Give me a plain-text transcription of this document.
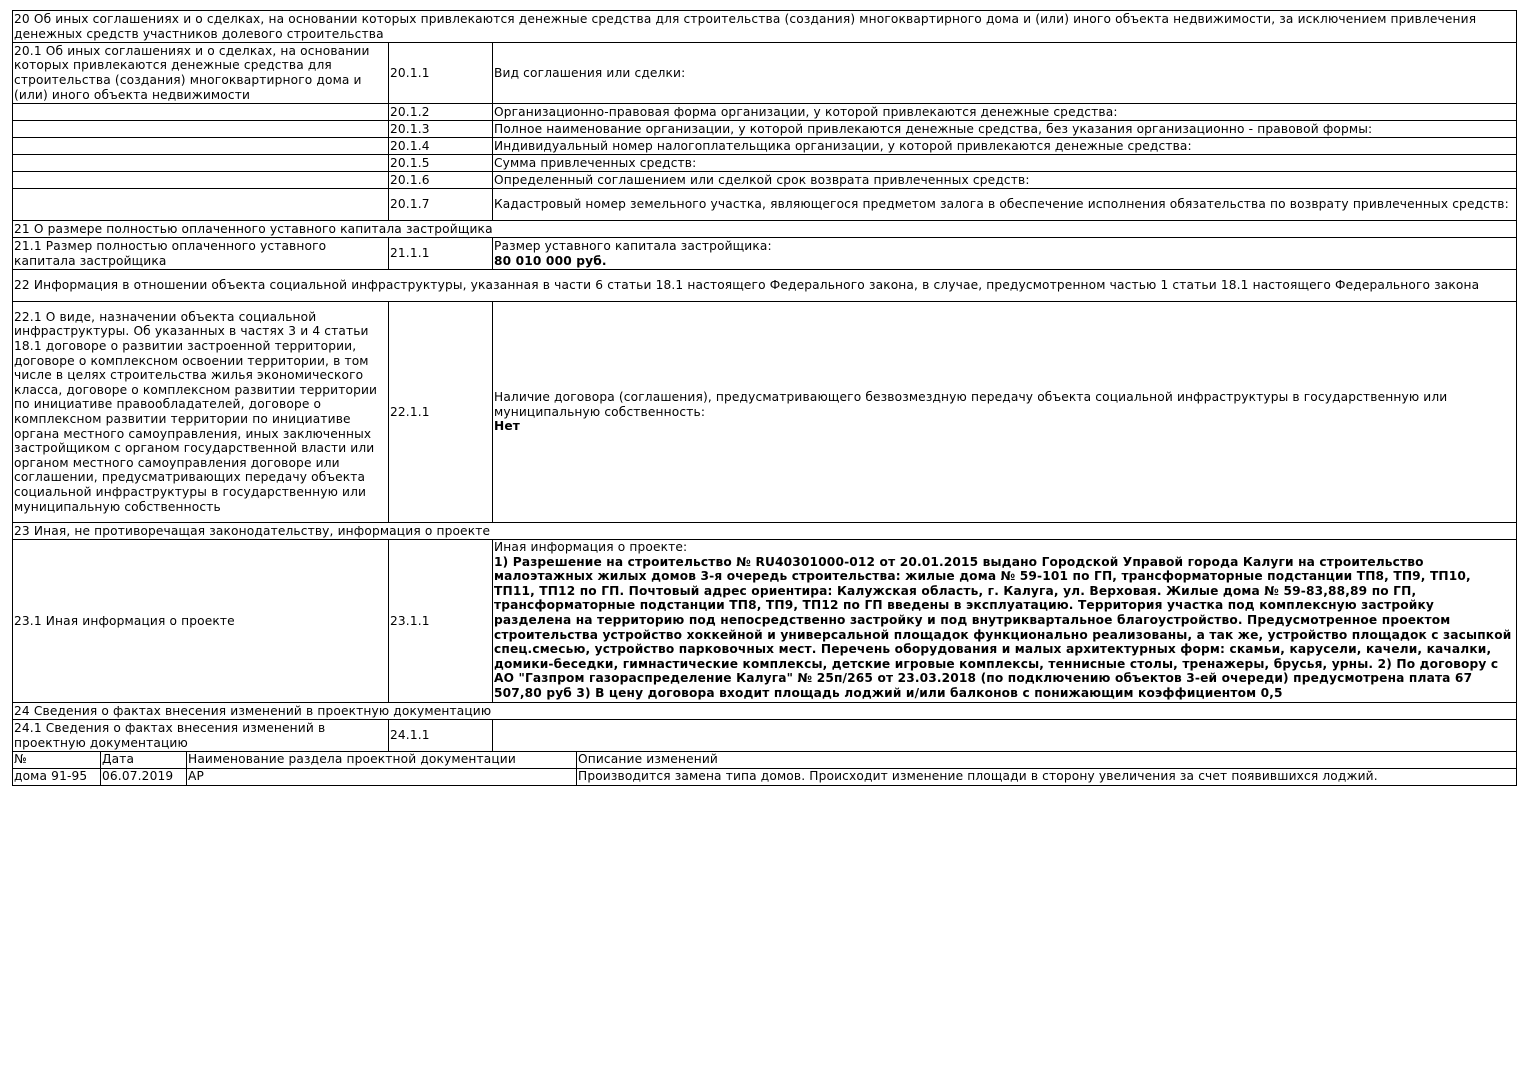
20 Об иных соглашениях и о сделках, на основании которых привлекаются денежные средства для строительства (создания) многоквартирного дома и (или) иного объекта недвижимости, за исключением привлечения денежных средств участников долевого строительства		
20.1 Об иных соглашениях и о сделках, на основании которых привлекаются денежные средства для строительства (создания) многоквартирного дома и (или) иного объекта недвижимости	20.1.1	Вид соглашения или сделки:
	20.1.2	Организационно-правовая форма организации, у которой привлекаются денежные средства:
	20.1.3	Полное наименование организации, у которой привлекаются денежные средства, без указания организационно - правовой формы:
	20.1.4	Индивидуальный номер налогоплательщика организации, у которой привлекаются денежные средства:
	20.1.5	Сумма привлеченных средств:
	20.1.6	Определенный соглашением или сделкой срок возврата привлеченных средств:
	20.1.7	Кадастровый номер земельного участка, являющегося предметом залога в обеспечение исполнения обязательства по возврату привлеченных средств:
21 О размере полностью оплаченного уставного капитала застройщика		
21.1 Размер полностью оплаченного уставного капитала застройщика	21.1.1	Размер уставного капитала застройщика:
80 010 000 руб.

22 Информация в отношении объекта социальной инфраструктуры, указанная в части 6 статьи 18.1 настоящего Федерального закона, в случае, предусмотренном частью 1 статьи 18.1 настоящего Федерального закона		
22.1 О виде, назначении объекта социальной инфраструктуры. Об указанных в частях 3 и 4 статьи 18.1 договоре о развитии застроенной территории, договоре о комплексном освоении территории, в том числе в целях строительства жилья экономического класса, договоре о комплексном развитии территории по инициативе правообладателей, договоре о комплексном развитии территории по инициативе органа местного самоуправления, иных заключенных застройщиком с органом государственной власти или органом местного самоуправления договоре или соглашении, предусматривающих передачу объекта социальной инфраструктуры в государственную или муниципальную собственность	22.1.1	Наличие договора (соглашения), предусматривающего безвозмездную передачу объекта социальной инфраструктуры в государственную или муниципальную собственность:
Нет

23 Иная, не противоречащая законодательству, информация о проекте		
23.1 Иная информация о проекте	23.1.1	Иная информация о проекте:
1) Разрешение на строительство № RU40301000-012 от 20.01.2015 выдано Городской Управой города Калуги на строительство малоэтажных жилых домов 3-я очередь строительства: жилые дома № 59-101 по ГП, трансформаторные подстанции ТП8, ТП9, ТП10, ТП11, ТП12 по ГП. Почтовый адрес ориентира: Калужская область, г. Калуга, ул. Верховая. Жилые дома № 59-83,88,89 по ГП, трансформаторные подстанции ТП8, ТП9, ТП12 по ГП введены в эксплуатацию. Территория участка под комплексную застройку разделена на территорию под непосредственно застройку и под внутриквартальное благоустройство. Предусмотренное проектом строительства устройство хоккейной и универсальной площадок функционально реализованы, а так же, устройство площадок с засыпкой спец.смесью, устройство парковочных мест. Перечень оборудования и малых архитектурных форм: скамьи, карусели, качели, качалки, домики-беседки, гимнастические комплексы, детские игровые комплексы, теннисные столы, тренажеры, брусья, урны. 2) По договору с АО "Газпром газораспределение Калуга" № 25п/265 от 23.03.2018 (по подключению объектов 3-ей очереди) предусмотрена плата 67 507,80 руб 3) В цену договора входит площадь лоджий и/или балконов с понижающим коэффициентом 0,5

24 Сведения о фактах внесения изменений в проектную документацию		
24.1 Сведения о фактах внесения изменений в проектную документацию	24.1.1	
№	Дата	Наименование раздела проектной документации	Описание изменений
дома 91-95	06.07.2019	АР	Производится замена типа домов. Происходит изменение площади в сторону увеличения за счет появившихся лоджий.
